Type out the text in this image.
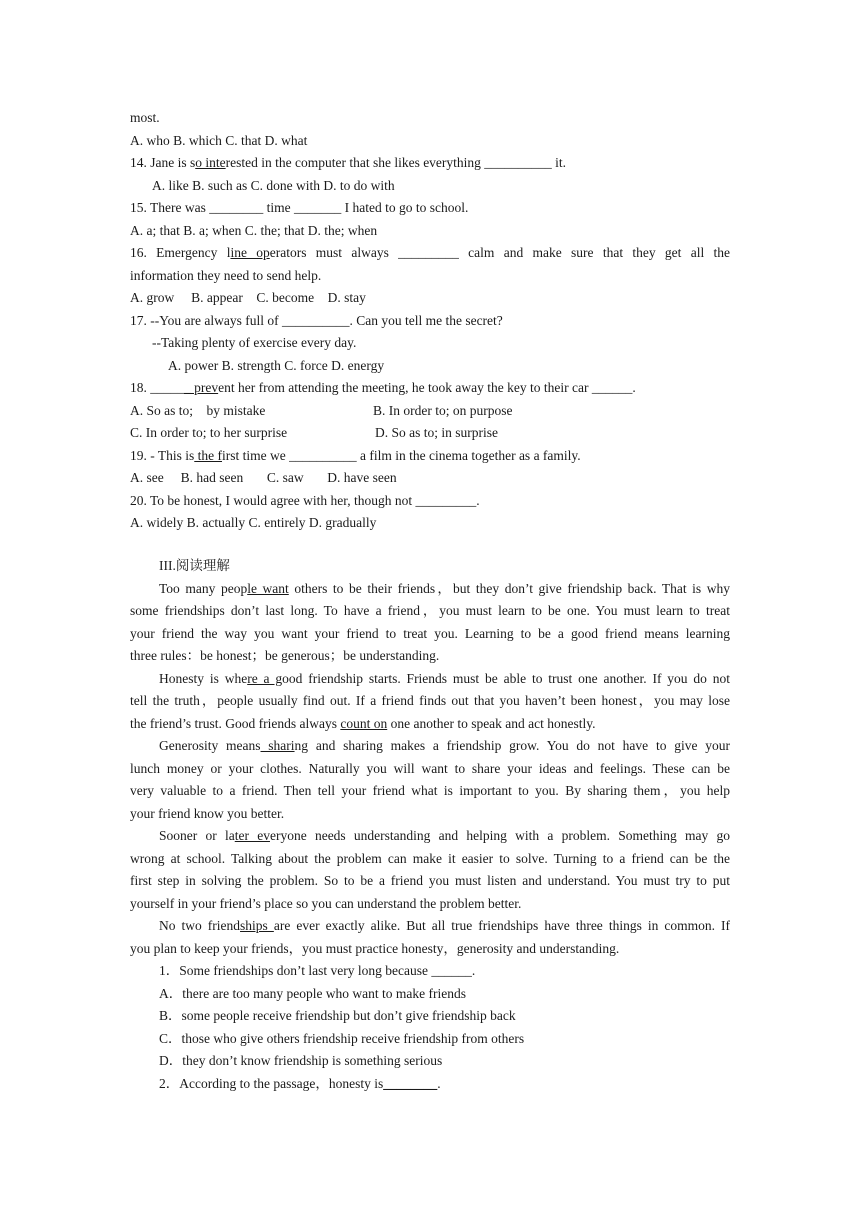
most.
A. who B. which C. that D. what
14. Jane is so interested in the computer that she likes everything __________ it.
A. like B. such as C. done with D. to do with
15. There was ________ time _______ I hated to go to school.
A. a; that B. a; when C. the; that D. the; when
16. Emergency line operators must always _________ calm and make sure that they get all the
information they need to send help.
A. grow     B. appear    C. become    D. stay
17. --You are always full of __________. Can you tell me the secret?
--Taking plenty of exercise every day.
A. power B. strength C. force D. energy
18. ______ prevent her from attending the meeting, he took away the key to their car ______.
A. So as to;    by mistake	B. In order to; on purpose
C. In order to; to her surprise	D. So as to; in surprise
19. - This is the first time we __________ a film in the cinema together as a family.
A. see     B. had seen       C. saw       D. have seen
20. To be honest, I would agree with her, though not _________.
A. widely B. actually C. entirely D. gradually
III.阅读理解
Too many people want others to be their friends，but they don’t give friendship back. That is why
some friendships don’t last long. To have a friend，you must learn to be one. You must learn to treat
your friend the way you want your friend to treat you. Learning to be a good friend means learning
three rules：be honest；be generous；be understanding.
Honesty is where a good friendship starts. Friends must be able to trust one another. If you do not
tell the truth，people usually find out. If a friend finds out that you haven’t been honest，you may lose
the friend’s trust. Good friends always count on one another to speak and act honestly.
Generosity means sharing and sharing makes a friendship grow. You do not have to give your
lunch money or your clothes. Naturally you will want to share your ideas and feelings. These can be
very valuable to a friend. Then tell your friend what is important to you. By sharing them，you help
your friend know you better.
Sooner or later everyone needs understanding and helping with a problem. Something may go
wrong at school. Talking about the problem can make it easier to solve. Turning to a friend can be the
first step in solving the problem. So to be a friend you must listen and understand. You must try to put
yourself in your friend’s place so you can understand the problem better.
No two friendships are ever exactly alike. But all true friendships have three things in common. If
you plan to keep your friends，you must practice honesty，generosity and understanding.
1．Some friendships don’t last very long because ______.
A．there are too many people who want to make friends
B．some people receive friendship but don’t give friendship back
C．those who give others friendship receive friendship from others
D．they don’t know friendship is something serious
2．According to the passage，honesty is________.
